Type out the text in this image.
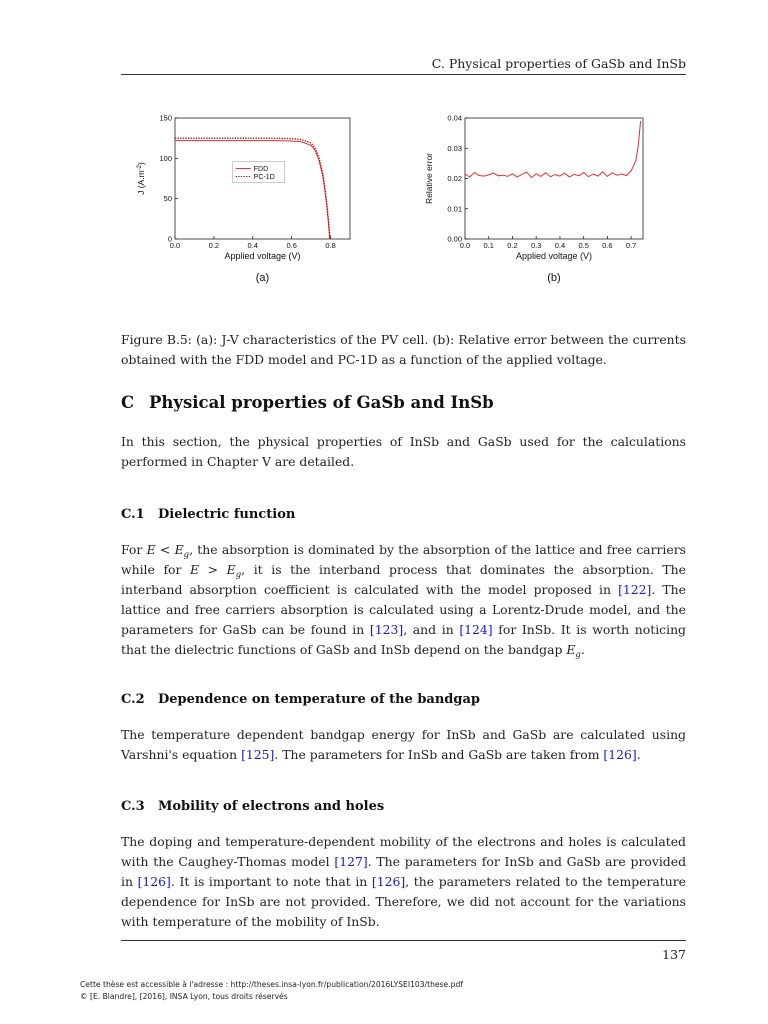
C. Physical properties of GaSb and InSb
0.0	0.2	0.4	0.6	0.8
0
50
100
150
Applied voltage (V)
J $(A.m^{-2})$
FDD
PC-1D
(a)
0.0 0.1 0.2 0.3 0.4 0.5 0.6 0.7
0.00
0.01
0.02
0.03
0.04
Applied voltage (V)
Relative error
(b)
Figure B.5: (a): J-V characteristics of the PV cell. (b): Relative error between the currents obtained with the FDD model and PC-1D as a function of the applied voltage.
C Physical properties of GaSb and InSb
In this section, the physical properties of InSb and GaSb used for the calculations performed in Chapter V are detailed.
C.1 Dielectric function
For $E < E_g$, the absorption is dominated by the absorption of the lattice and free carriers while for $E > E_g$, it is the interband process that dominates the absorption. The interband absorption coefficient is calculated with the model proposed in [122]. The lattice and free carriers absorption is calculated using a Lorentz-Drude model, and the parameters for GaSb can be found in [123], and in [124] for InSb. It is worth noticing that the dielectric functions of GaSb and InSb depend on the bandgap $E_g$.
C.2 Dependence on temperature of the bandgap
The temperature dependent bandgap energy for InSb and GaSb are calculated using Varshni's equation [125]. The parameters for InSb and GaSb are taken from [126].
C.3 Mobility of electrons and holes
The doping and temperature-dependent mobility of the electrons and holes is calculated with the Caughey-Thomas model [127]. The parameters for InSb and GaSb are provided in [126]. It is important to note that in [126], the parameters related to the temperature dependence for InSb are not provided. Therefore, we did not account for the variations with temperature of the mobility of InSb.
137
Cette thèse est accessible à l'adresse : http://theses.insa-lyon.fr/publication/2016LYSEI103/these.pdf
© [E. Blandre], [2016], INSA Lyon, tous droits réservés
